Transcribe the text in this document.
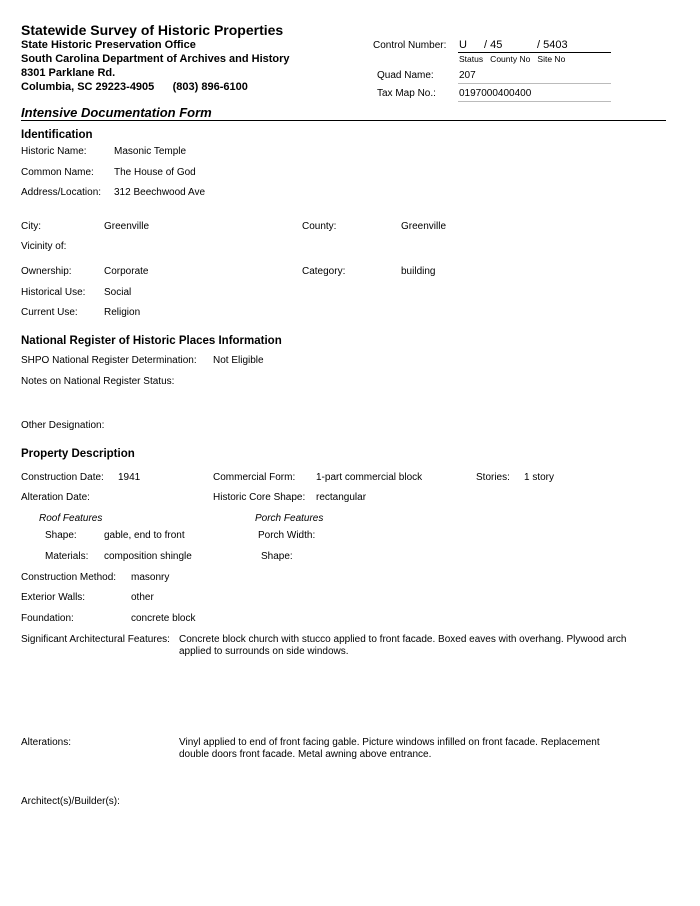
Statewide Survey of Historic Properties
State Historic Preservation Office
South Carolina Department of Archives and History
8301 Parklane Rd.
Columbia, SC 29223-4905      (803) 896-6100
Control Number: U / 45	/ 5403
Status   County No   Site No
Quad Name:	207
Tax Map No.: 0197000400400
Intensive Documentation Form
Identification
Historic Name:	Masonic Temple
Common Name: The House of God
Address/Location: 312 Beechwood Ave
City:	Greenville	County:	Greenville
Vicinity of:
Ownership:	Corporate	Category:	building
Historical Use: Social
Current Use:	Religion
National Register of Historic Places Information
SHPO National Register Determination: Not Eligible
Notes on National Register Status:
Other Designation:
Property Description
Construction Date: 1941	Commercial Form: 1-part commercial block	Stories: 1 story
Alteration Date:	Historic Core Shape: rectangular
Roof Features	Porch Features
Shape:	gable, end to front	Porch Width:
Materials: composition shingle	Shape:
Construction Method: masonry
Exterior Walls:	other
Foundation:	concrete block
Significant Architectural Features: Concrete block church with stucco applied to front facade. Boxed eaves with overhang. Plywood arch applied to surrounds on side windows.
Alterations:	Vinyl applied to end of front facing gable. Picture windows infilled on front facade. Replacement double doors front facade. Metal awning above entrance.
Architect(s)/Builder(s):
